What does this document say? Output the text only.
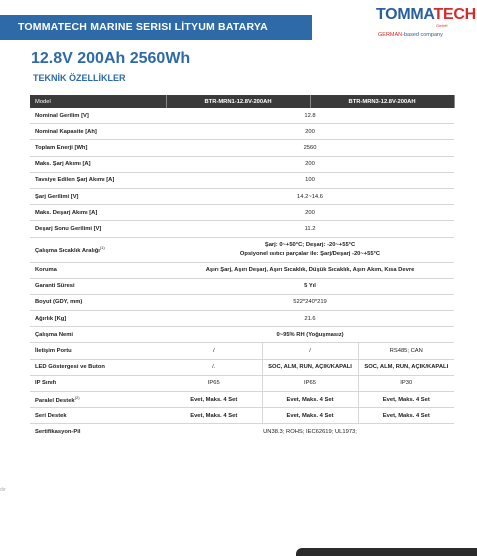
TOMMATECH MARINE SERISI LİTYUM BATARYA
TOMMATECH
GmbH
GERMAN-based company
12.8V 200Ah 2560Wh
TEKNİK ÖZELLİKLER
Model	BTR-MRN1-12.8V-200AH		BTR-MRN3-12.8V-200AH	
Nominal Gerilim [V]	12.8			
Nominal Kapasite [Ah]	200			
Toplam Enerji [Wh]	2560			
Maks. Şarj Akımı [A]	200			
Tavsiye Edilen Şarj Akımı [A]	100			
Şarj Gerilimi [V]	14.2~14.6			
Maks. Deşarj Akımı [A]	200			
Deşarj Sonu Gerilimi [V]	11.2			
Çalışma Sıcaklık Aralığı$^{(1)}$	Şarj: 0~+50°C; Deşarj: -20~+55°C
Opsiyonel ısıtıcı parçalar ile: Şarj/Deşarj -20~+55°C			
Koruma	Aşırı Şarj, Aşırı Deşarj, Aşırı Sıcaklık, Düşük Sıcaklık, Aşırı Akım, Kısa Devre			
Garanti Süresi	5 Yıl			
Boyut (GDY, mm)	522*240*219			
Ağırlık [Kg]	21.6			
Çalışma Nemi	0~95% RH (Yoğuşmasız)			
İletişim Portu	/	/		RS485; CAN
LED Göstergesi ve Buton	/.	SOC, ALM, RUN, AÇIK/KAPALI		SOC, ALM, RUN, AÇIK/KAPALI
IP Sınıfı	IP65	IP65		IP30
Paralel Destek$^{(2)}$	Evet, Maks. 4 Set	Evet, Maks. 4 Set		Evet, Maks. 4 Set
Seri Destek	Evet, Maks. 4 Set	Evet, Maks. 4 Set		Evet, Maks. 4 Set
Sertifikasyon-Pil	UN38.3; ROHS; IEC62619; UL1973;			
dır
